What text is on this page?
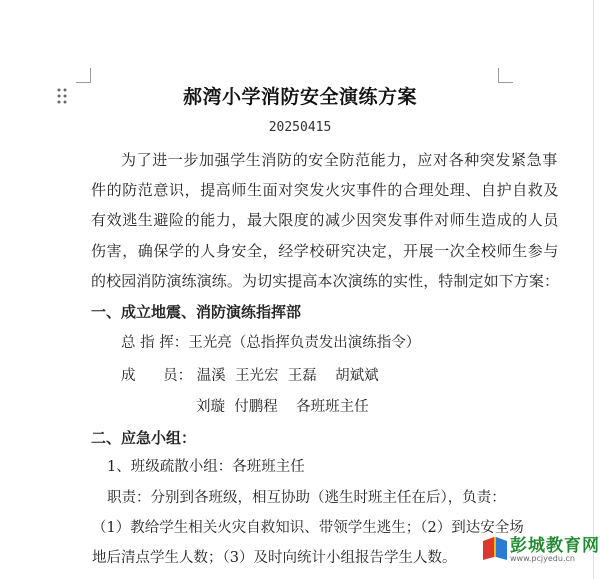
郝湾小学消防安全演练方案
20250415
为了进一步加强学生消防的安全防范能力，应对各种突发紧急事
件的防范意识，提高师生面对突发火灾事件的合理处理、自护自救及
有效逃生避险的能力，最大限度的减少因突发事件对师生造成的人员
伤害，确保学的人身安全，经学校研究决定，开展一次全校师生参与
的校园消防演练演练。为切实提高本次演练的实性，特制定如下方案：
一、成立地震、消防演练指挥部
总 指 挥：王光亮（总指挥负责发出演练指令）
成      员： 温溪  王光宏  王磊    胡斌斌
刘璇  付鹏程    各班班主任
二、应急小组：
1、班级疏散小组：各班班主任
职责：分别到各班级，相互协助（逃生时班主任在后），负责：
（1）教给学生相关火灾自救知识、带领学生逃生；（2）到达安全场
地后清点学生人数；（3）及时向统计小组报告学生人数。
彭城教育网
www.pcjyedu.cn
